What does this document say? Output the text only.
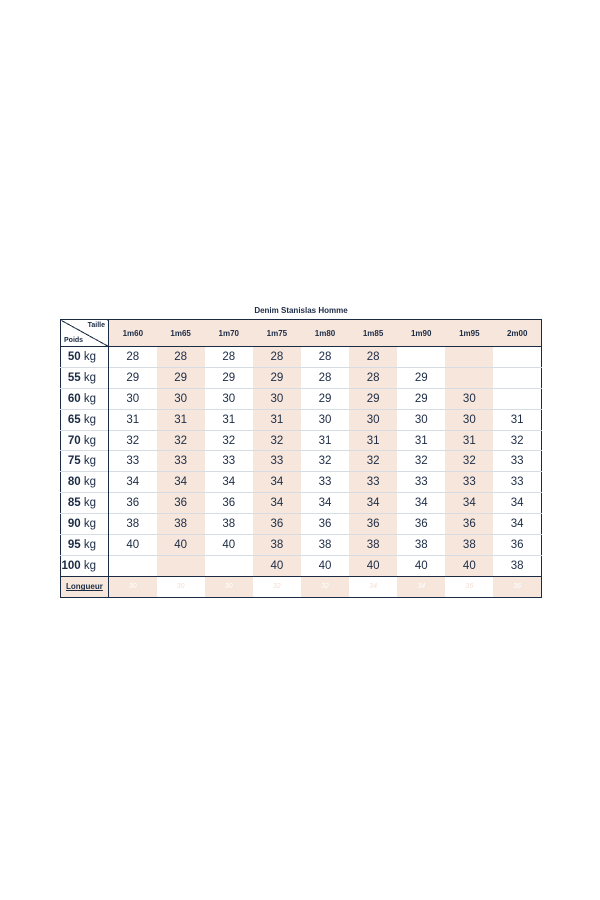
Denim Stanislas Homme
Taille
Poids	1m60	1m65	1m70	1m75	1m80	1m85	1m90	1m95	2m00
50 kg	28	28	28	28	28	28			
55 kg	29	29	29	29	28	28	29		
60 kg	30	30	30	30	29	29	29	30	
65 kg	31	31	31	31	30	30	30	30	31
70 kg	32	32	32	32	31	31	31	31	32
75 kg	33	33	33	33	32	32	32	32	33
80 kg	34	34	34	34	33	33	33	33	33
85 kg	36	36	36	34	34	34	34	34	34
90 kg	38	38	38	36	36	36	36	36	34
95 kg	40	40	40	38	38	38	38	38	36
100 kg				40	40	40	40	40	38
Longueur	30	30	30	32	32	34	34	36	36
